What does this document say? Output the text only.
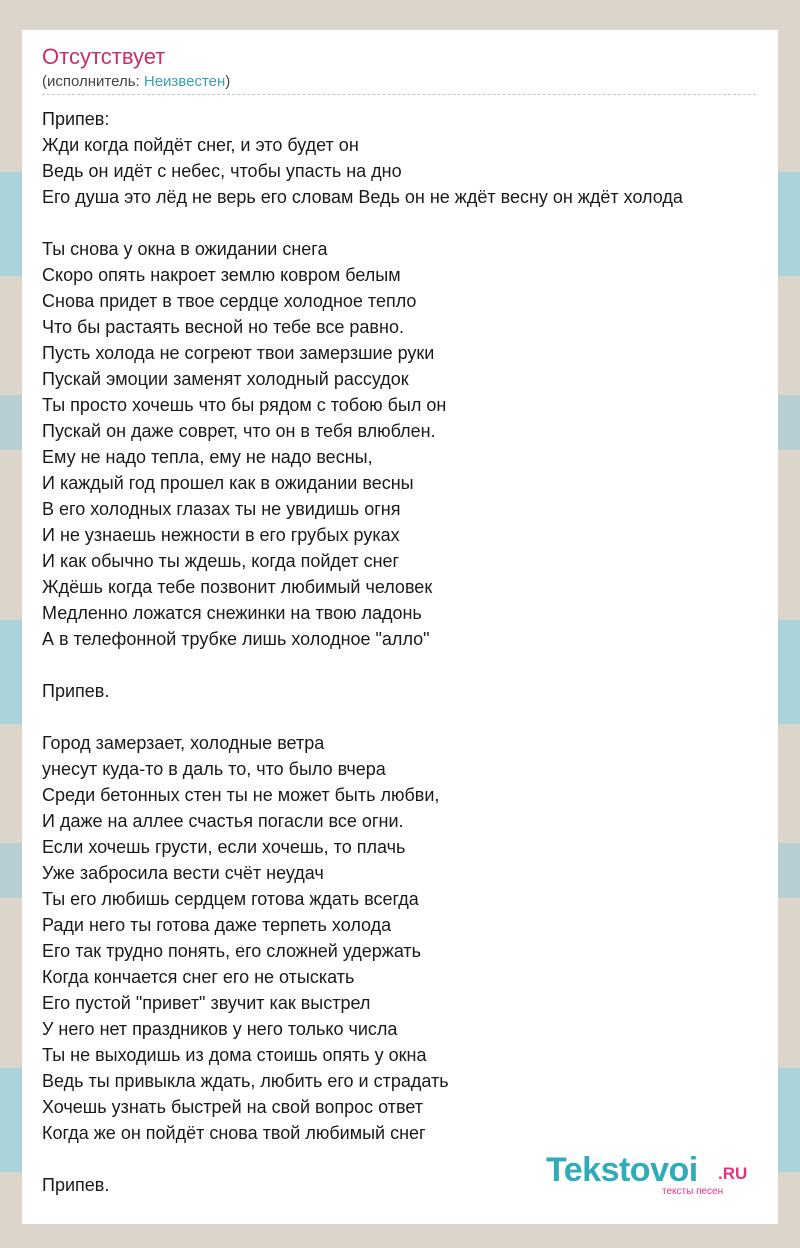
Отсутствует
(исполнитель: Неизвестен)
Припев:
Жди когда пойдёт снег, и это будет он
Ведь он идёт с небес, чтобы упасть на дно
Его душа это лёд не верь его словам Ведь он не ждёт весну он ждёт холода
Ты снова у окна в ожидании снега
Скоро опять накроет землю ковром белым
Снова придет в твое сердце холодное тепло
Что бы растаять весной но тебе все равно.
Пусть холода не согреют твои замерзшие руки
Пускай эмоции заменят холодный рассудок
Ты просто хочешь что бы рядом с тобою был он
Пускай он даже соврет, что он в тебя влюблен.
Ему не надо тепла, ему не надо весны,
И каждый год прошел как в ожидании весны
В его холодных глазах ты не увидишь огня
И не узнаешь нежности в его грубых руках
И как обычно ты ждешь, когда пойдет снег
Ждёшь когда тебе позвонит любимый человек
Медленно ложатся снежинки на твою ладонь
А в телефонной трубке лишь холодное "алло"
Припев.
Город замерзает, холодные ветра
унесут куда-то в даль то, что было вчера
Среди бетонных стен ты не может быть любви,
И даже на аллее счастья погасли все огни.
Если хочешь грусти, если хочешь, то плачь
Уже забросила вести счёт неудач
Ты его любишь сердцем готова ждать всегда
Ради него ты готова даже терпеть холода
Его так трудно понять, его сложней удержать
Когда кончается снег его не отыскать
Его пустой "привет" звучит как выстрел
У него нет праздников у него только числа
Ты не выходишь из дома стоишь опять у окна
Ведь ты привыкла ждать, любить его и страдать
Хочешь узнать быстрей на свой вопрос ответ
Когда же он пойдёт снова твой любимый снег
Припев.	Tekstovoi .RU
тексты песен
